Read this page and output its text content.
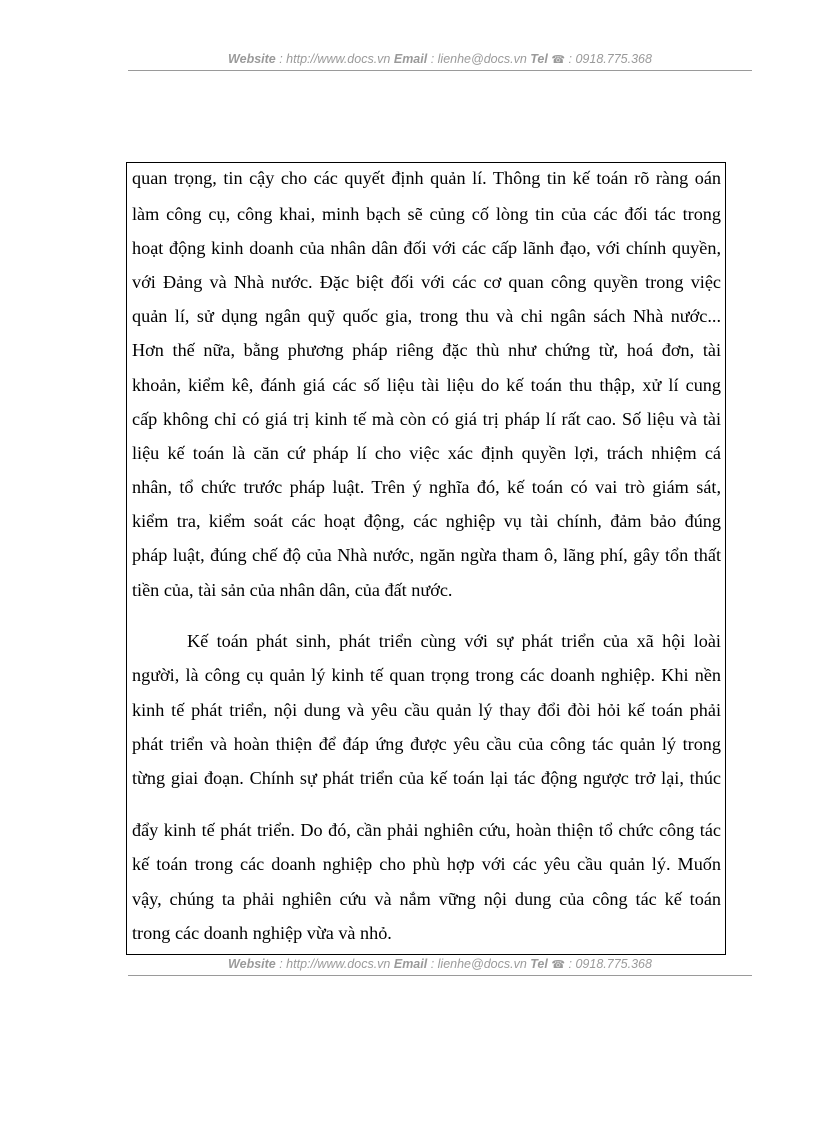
Website : http://www.docs.vn Email : lienhe@docs.vn Tel ☎ : 0918.775.368
quan trọng, tin cậy cho các quyết định quản lí. Thông tin kế toán rõ ràng oán
làm công cụ, công khai, minh bạch sẽ củng cố lòng tin của các đối tác trong
hoạt động kinh doanh của nhân dân đối với các cấp lãnh đạo, với chính quyền,
với Đảng và Nhà nước. Đặc biệt đối với các cơ quan công quyền trong việc
quản lí, sử dụng ngân quỹ quốc gia, trong thu và chi ngân sách Nhà nước...
Hơn thế nữa, bằng phương pháp riêng đặc thù như chứng từ, hoá đơn, tài
khoản, kiểm kê, đánh giá các số liệu tài liệu do kế toán thu thập, xử lí cung
cấp không chỉ có giá trị kinh tế mà còn có giá trị pháp lí rất cao. Số liệu và tài
liệu kế toán là căn cứ pháp lí cho việc xác định quyền lợi, trách nhiệm cá
nhân, tổ chức trước pháp luật. Trên ý nghĩa đó, kế toán có vai trò giám sát,
kiểm tra, kiểm soát các hoạt động, các nghiệp vụ tài chính, đảm bảo đúng
pháp luật, đúng chế độ của Nhà nước, ngăn ngừa tham ô, lãng phí, gây tổn thất
tiền của, tài sản của nhân dân, của đất nước.
Kế toán phát sinh, phát triển cùng với sự phát triển của xã hội loài
người, là công cụ quản lý kinh tế quan trọng trong các doanh nghiệp. Khi nền
kinh tế phát triển, nội dung và yêu cầu quản lý thay đổi đòi hỏi kế toán phải
phát triển và hoàn thiện để đáp ứng được yêu cầu của công tác quản lý trong
từng giai đoạn. Chính sự phát triển của kế toán lại tác động ngược trở lại, thúc
đẩy kinh tế phát triển. Do đó, cần phải nghiên cứu, hoàn thiện tổ chức công tác
kế toán trong các doanh nghiệp cho phù hợp với các yêu cầu quản lý. Muốn
vậy, chúng ta phải nghiên cứu và nắm vững nội dung của công tác kế toán
trong các doanh nghiệp vừa và nhỏ.
Website : http://www.docs.vn Email : lienhe@docs.vn Tel ☎ : 0918.775.368
